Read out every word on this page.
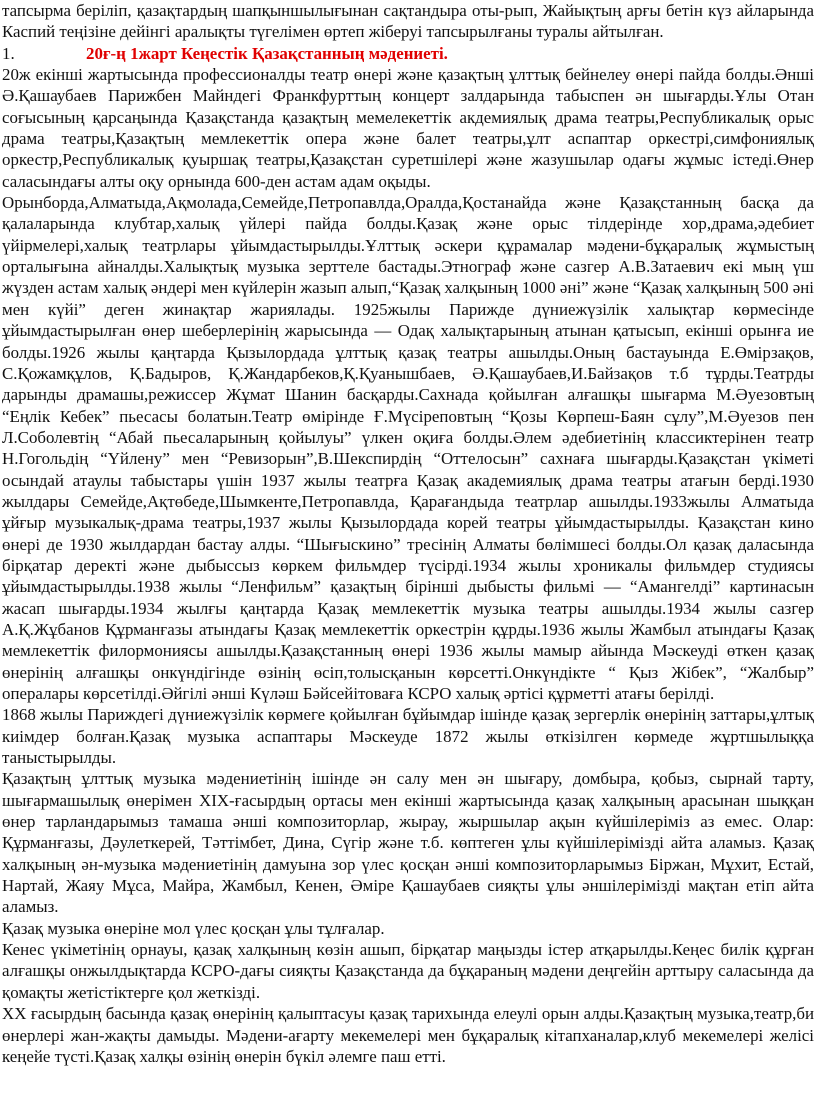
тапсырма беріліп, қазақтардың шапқыншылығынан сақтандыра оты-рып, Жайықтың арғы бетін күз айларында Каспий теңізіне дейінгі аралықты түгелімен өртеп жіберуі тапсырылғаны туралы айтылған.

1.	20ғ-ң 1жарт Кеңестік Қазақстанның мәдениеті.

20ж екінші жартысында профессионалды театр өнері және қазақтың ұлттық бейнелеу өнері пайда болды.Әнші Ә.Қашаубаев Парижбен Майндегі Франкфурттың концерт залдарында табыспен ән шығарды.Ұлы Отан соғысының қарсаңында Қазақстанда қазақтың мемелекеттік акдемиялық драма театры,Республикалық орыс драма театры,Қазақтың мемлекеттік опера және балет театры,ұлт аспаптар оркестрі,симфониялық оркестр,Республикалық қуыршақ театры,Қазақстан суретшілері және жазушылар одағы жұмыс істеді.Өнер саласындағы алты оқу орнында 600-ден астам адам оқыды.

Орынборда,Алматыда,Ақмолада,Семейде,Петропавлда,Оралда,Қостанайда және Қазақстанның басқа да қалаларында клубтар,халық үйлері пайда болды.Қазақ және орыс тілдерінде хор,драма,әдебиет үйірмелері,халық театрлары ұйымдастырылды.Ұлттық әскери құрамалар мәдени-бұқаралық жұмыстың орталығына айналды.Халықтық музыка зерттеле бастады.Этнограф және сазгер А.В.Затаевич екі мың үш жүзден астам халық әндері мен күйлерін жазып алып,“Қазақ халқының 1000 әні” және “Қазақ халқының 500 әні мен күйі” деген жинақтар жариялады. 1925жылы Парижде дүниежүзілік халықтар көрмесінде ұйымдастырылған өнер шеберлерінің жарысында — Одақ халықтарының атынан қатысып, екінші орынға ие болды.1926 жылы қаңтарда Қызылордада ұлттық қазақ театры ашылды.Оның бастауында Е.Өмірзақов, С.Қожамқұлов, Қ.Бадыров, Қ.Жандарбеков,Қ.Қуанышбаев, Ә.Қашаубаев,И.Байзақов т.б тұрды.Театрды дарынды драмашы,режиссер Жұмат Шанин басқарды.Сахнада қойылған алғашқы шығарма М.Әуезовтың “Еңлік Кебек” пьесасы болатын.Театр өмірінде Ғ.Мүсіреповтың “Қозы Көрпеш-Баян сұлу”,М.Әуезов пен Л.Соболевтің “Абай пьесаларының қойылуы” үлкен оқиға болды.Әлем әдебиетінің классиктерінен театр Н.Гогольдің “Үйлену” мен “Ревизорын”,В.Шекспирдің “Оттелосын” сахнаға шығарды.Қазақстан үкіметі осындай атаулы табыстары үшін 1937 жылы театрға Қазақ академиялық драма театры атағын берді.1930 жылдары Семейде,Ақтөбеде,Шымкенте,Петропавлда, Қарағандыда театрлар ашылды.1933жылы Алматыда ұйғыр музыкалық-драма театры,1937 жылы Қызылордада корей театры ұйымдастырылды. Қазақстан кино өнері де 1930 жылдардан бастау алды. “Шығыскино” тресінің Алматы бөлімшесі болды.Ол қазақ даласында бірқатар деректі және дыбыссыз көркем фильмдер түсірді.1934 жылы хроникалы фильмдер студиясы ұйымдастырылды.1938 жылы “Ленфильм” қазақтың бірінші дыбысты фильмі — “Амангелді” картинасын жасап шығарды.1934 жылғы қаңтарда Қазақ мемлекеттік музыка театры ашылды.1934 жылы сазгер А.Қ.Жұбанов Құрманғазы атындағы Қазақ мемлекеттік оркестрін құрды.1936 жылы Жамбыл атындағы Қазақ мемлекеттік филормониясы ашылды.Қазақстанның өнері 1936 жылы мамыр айында Мәскеуді өткен қазақ өнерінің алғашқы онкүндігінде өзінің өсіп,толысқанын көрсетті.Онкүндікте “ Қыз Жібек”, “Жалбыр” опералары көрсетілді.Әйгілі әнші Күләш Бәйсейітоваға КСРО халық әртісі құрметті атағы берілді.

1868 жылы Париждегі дүниежүзілік көрмеге қойылған бұйымдар ішінде қазақ зергерлік өнерінің заттары,ұлтық киімдер болған.Қазақ музыка аспаптары Мәскеуде 1872 жылы өткізілген көрмеде жұртшылыққа таныстырылды.

Қазақтың ұлттық музыка мәдениетінің ішінде ән салу мен ән шығару, домбыра, қобыз, сырнай тарту, шығармашылық өнерімен XIX-ғасырдың ортасы мен екінші жартысында қазақ халқының арасынан шыққан өнер тарландарымыз тамаша әнші композиторлар, жырау, жыршылар ақын күйшілеріміз аз емес. Олар: Құрманғазы, Дәулеткерей, Тәттімбет, Дина, Сүгір және т.б. көптеген ұлы күйшілерімізді айта аламыз. Қазақ халқының ән-музыка мәдениетінің дамуына зор үлес қосқан әнші композиторларымыз Біржан, Мұхит, Естай, Нартай, Жаяу Мұса, Майра, Жамбыл, Кенен, Әміре Қашаубаев сияқты ұлы әншілерімізді мақтан етіп айта аламыз.

Қазақ музыка өнеріне мол үлес қосқан ұлы тұлғалар.

Кенес үкіметінің орнауы, қазақ халқының көзін ашып, бірқатар маңызды істер атқарылды.Кеңес билік құрған алғашқы онжылдықтарда КСРО-дағы сияқты Қазақстанда да бұқараның мәдени деңгейін арттыру саласында да қомақты жетістіктерге қол жеткізді.

XX ғасырдың басында қазақ өнерінің қалыптасуы қазақ тарихында елеулі орын алды.Қазақтың музыка,театр,би өнерлері жан-жақты дамыды. Мәдени-ағарту мекемелері мен бұқаралық кітапханалар,клуб мекемелері желісі кеңейе түсті.Қазақ халқы өзінің өнерін бүкіл әлемге паш етті.
